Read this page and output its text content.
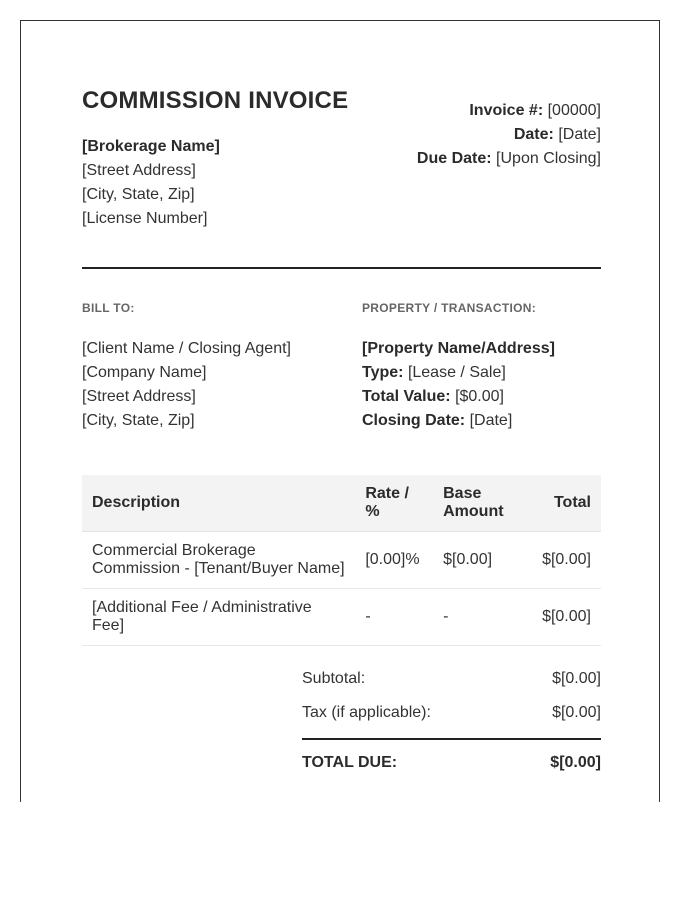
COMMISSION INVOICE
[Brokerage Name]
[Street Address]
[City, State, Zip]
[License Number]
Invoice #: [00000]
Date: [Date]
Due Date: [Upon Closing]
BILL TO:
[Client Name / Closing Agent]
[Company Name]
[Street Address]
[City, State, Zip]
PROPERTY / TRANSACTION:
[Property Name/Address]
Type: [Lease / Sale]
Total Value: [$0.00]
Closing Date: [Date]
Description	Rate / %	Base Amount	Total
Commercial Brokerage Commission - [Tenant/Buyer Name]	[0.00]%	$[0.00]	$[0.00]
[Additional Fee / Administrative Fee]	-	-	$[0.00]
Subtotal:	$[0.00]
Tax (if applicable):	$[0.00]
TOTAL DUE:	$[0.00]
